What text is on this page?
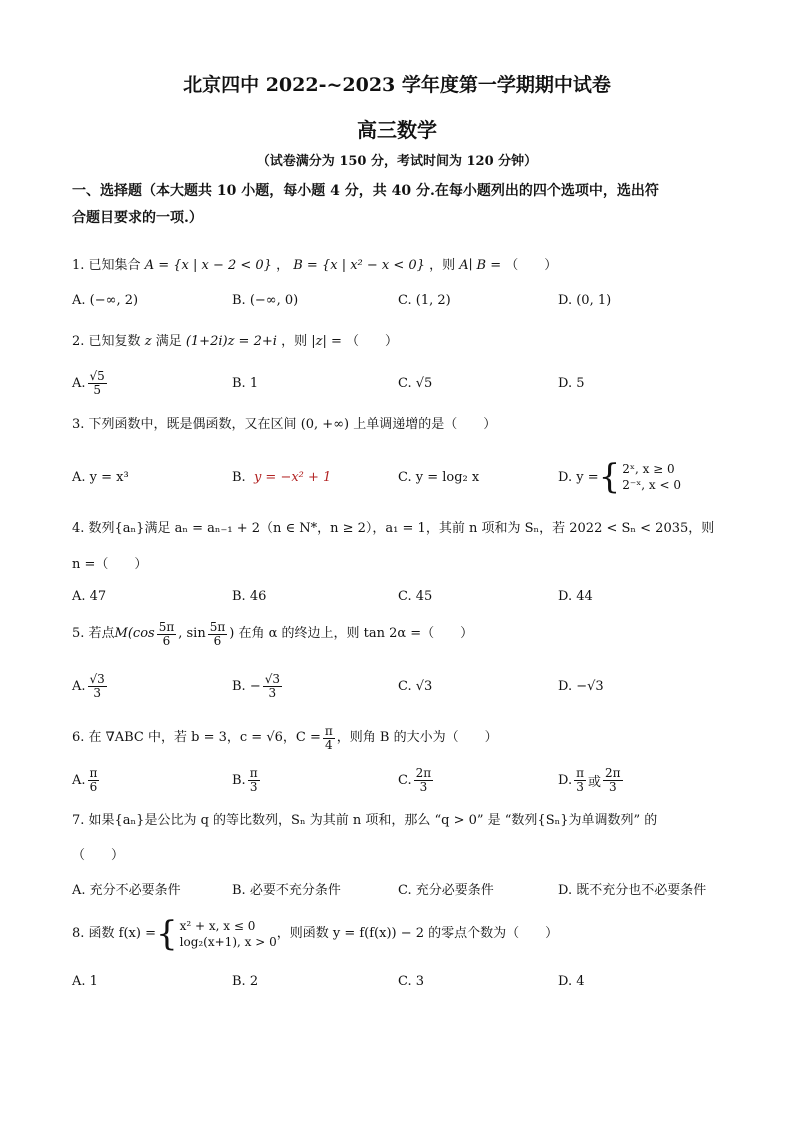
北京四中 2022-~2023 学年度第一学期期中试卷
高三数学
（试卷满分为 150 分，考试时间为 120 分钟）
一、选择题（本大题共 10 小题，每小题 4 分，共 40 分.在每小题列出的四个选项中，选出符
合题目要求的一项.）
1. 已知集合 A = {x | x − 2 < 0} ， B = {x | x² − x < 0} ，则 A∣ B = （　　）
A. (−∞, 2)	B. (−∞, 0)	C. (1, 2)	D. (0, 1)
2. 已知复数 z 满足 (1+2i)z = 2+i ，则 |z| = （　　）
A. $\frac{√5}{5}$	B. 1	C. √5	D. 5
3. 下列函数中，既是偶函数，又在区间 (0, +∞) 上单调递增的是（　　）
A. y = x³	B.
y = −x² + 1	C. y = log₂ x	D. y = { 2ˣ, x ≥ 0
2⁻ˣ, x < 0
4. 数列{aₙ}满足 aₙ = aₙ₋₁ + 2（n ∈ N*，n ≥ 2），a₁ = 1，其前 n 项和为 Sₙ，若 2022 < Sₙ < 2035，则
n =（　　）
A. 47	B. 46	C. 45	D. 44
5. 若点 $M(\cos \frac{5\pi}{6}$ , $\sin \frac{5\pi}{6}$ ) 在角 α 的终边上，则 tan 2α =（　　）
A. $\frac{√3}{3}$	B. − $\frac{√3}{3}$	C. √3	D. −√3
6. 在 ∇ABC 中，若 b = 3，c = √6，$C = \frac{\pi}{4}$ ，则角 B 的大小为（　　）
A. $\frac{\pi}{6}$	B. $\frac{\pi}{3}$	C. $\frac{2\pi}{3}$	D. $\frac{\pi}{3}$ 或 $\frac{2\pi}{3}$
7. 如果{aₙ}是公比为 q 的等比数列，Sₙ 为其前 n 项和，那么 “q > 0” 是 “数列{Sₙ}为单调数列” 的
（　　）
A. 充分不必要条件	B. 必要不充分条件	C. 充分必要条件	D. 既不充分也不必要条件
8. 函数 f(x) = { x² + x, x ≤ 0
log₂(x+1), x > 0
，则函数 y = f(f(x)) − 2 的零点个数为（　　）
A. 1	B. 2	C. 3	D. 4
